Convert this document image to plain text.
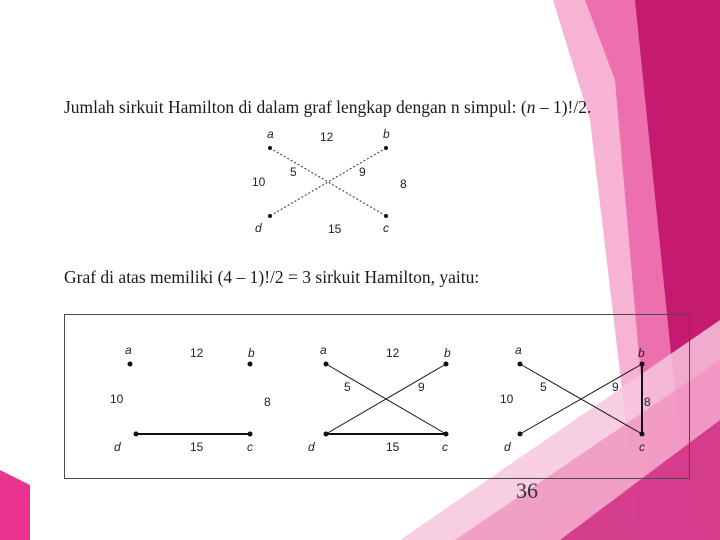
Jumlah sirkuit Hamilton di dalam graf lengkap dengan n simpul: (n – 1)!/2.
a	b
c
d
12
5	9
10	8
15
Graf di atas memiliki (4 – 1)!/2 = 3 sirkuit Hamilton, yaitu:
a	b
c
d
12
10	8
15
a	b
c
d
12
5	9
15
a	b
c
d
10
5	9
8
36
